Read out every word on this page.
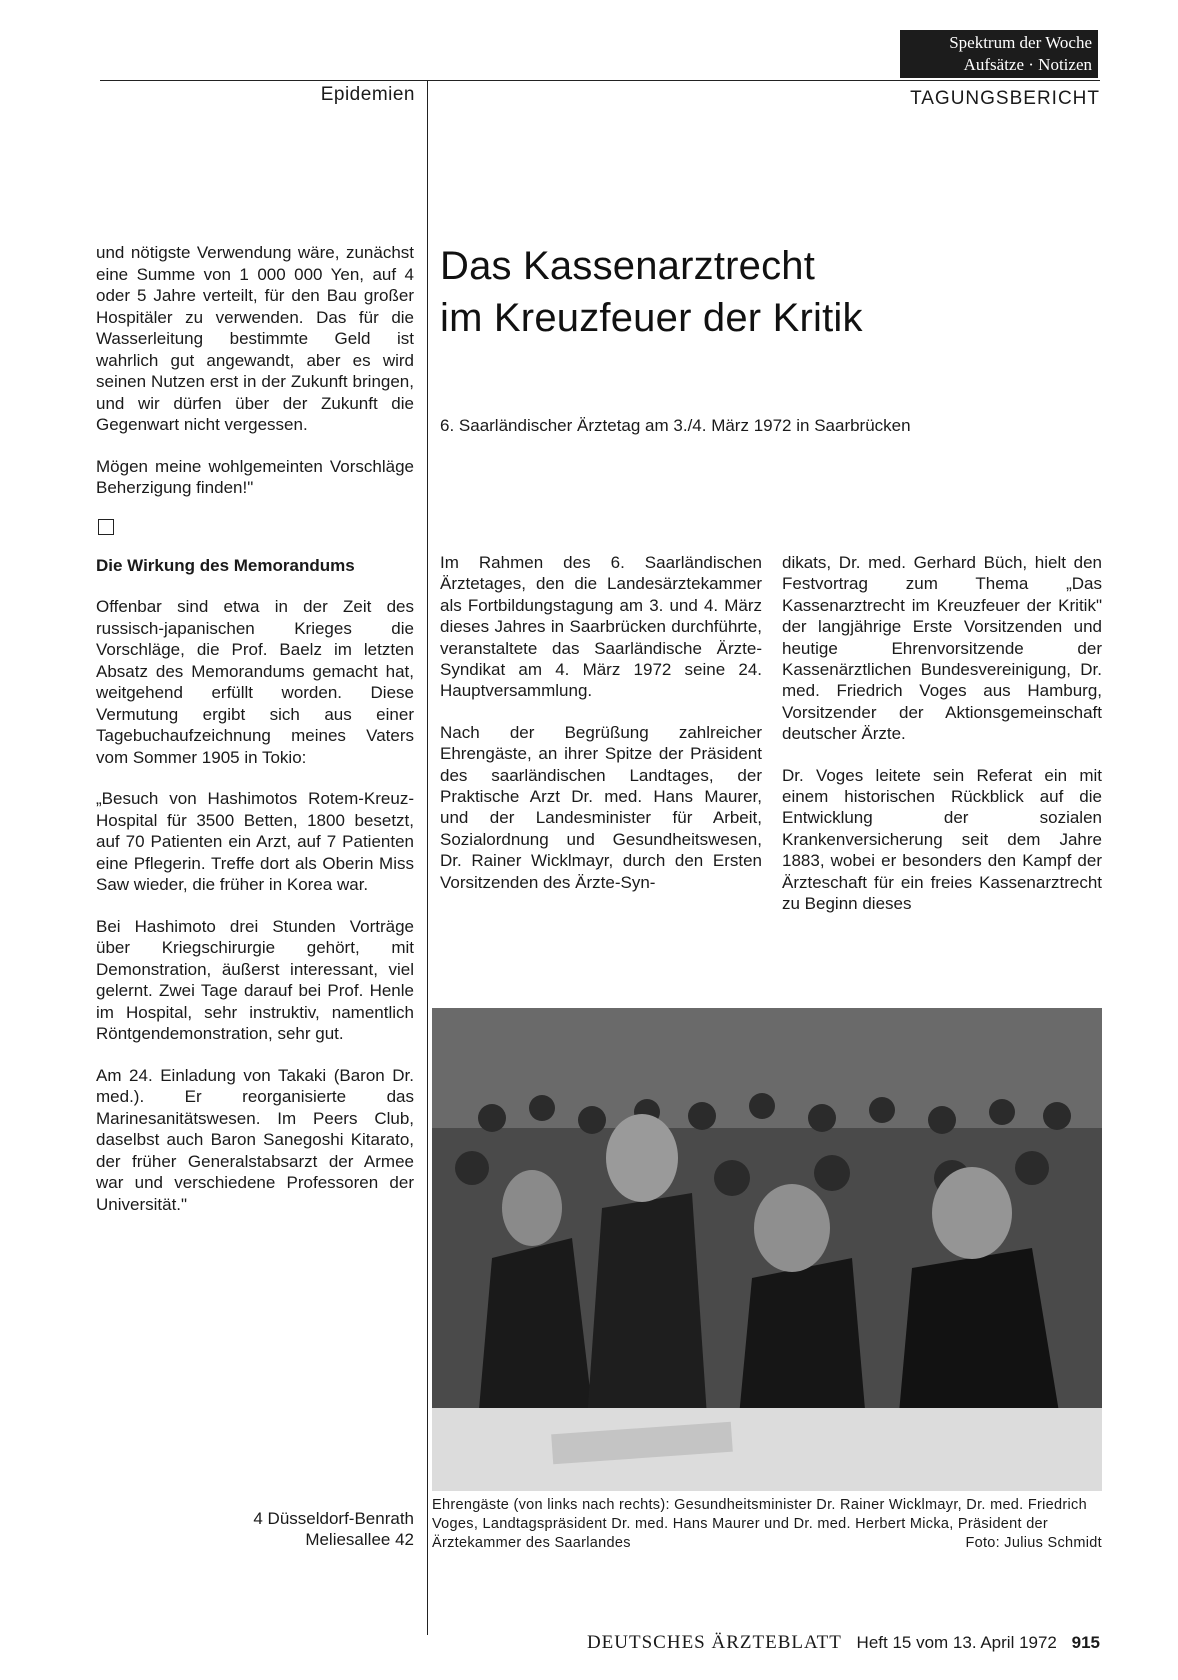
Spektrum der Woche
Aufsätze · Notizen
Epidemien	TAGUNGSBERICHT

und nötigste Verwendung wäre, zunächst eine Summe von 1 000 000 Yen, auf 4 oder 5 Jahre verteilt, für den Bau großer Hospitäler zu verwenden. Das für die Wasserleitung bestimmte Geld ist wahrlich gut angewandt, aber es wird seinen Nutzen erst in der Zukunft bringen, und wir dürfen über der Zukunft die Gegenwart nicht vergessen.

Mögen meine wohlgemeinten Vorschläge Beherzigung finden!"

Die Wirkung des Memorandums

Offenbar sind etwa in der Zeit des russisch-japanischen Krieges die Vorschläge, die Prof. Baelz im letzten Absatz des Memorandums gemacht hat, weitgehend erfüllt worden. Diese Vermutung ergibt sich aus einer Tagebuchaufzeichnung meines Vaters vom Sommer 1905 in Tokio:

„Besuch von Hashimotos Rotem-Kreuz-Hospital für 3500 Betten, 1800 besetzt, auf 70 Patienten ein Arzt, auf 7 Patienten eine Pflegerin. Treffe dort als Oberin Miss Saw wieder, die früher in Korea war.

Bei Hashimoto drei Stunden Vorträge über Kriegschirurgie gehört, mit Demonstration, äußerst interessant, viel gelernt. Zwei Tage darauf bei Prof. Henle im Hospital, sehr instruktiv, namentlich Röntgendemonstration, sehr gut.

Am 24. Einladung von Takaki (Baron Dr. med.). Er reorganisierte das Marinesanitätswesen. Im Peers Club, daselbst auch Baron Sanegoshi Kitarato, der früher Generalstabsarzt der Armee war und verschiedene Professoren der Universität."

4 Düsseldorf-Benrath
Meliesallee 42
Das Kassenarztrecht
im Kreuzfeuer der Kritik
6. Saarländischer Ärztetag am 3./4. März 1972 in Saarbrücken

Im Rahmen des 6. Saarländischen Ärztetages, den die Landesärztekammer als Fortbildungstagung am 3. und 4. März dieses Jahres in Saarbrücken durchführte, veranstaltete das Saarländische Ärzte-Syndikat am 4. März 1972 seine 24. Hauptversammlung.

Nach der Begrüßung zahlreicher Ehrengäste, an ihrer Spitze der Präsident des saarländischen Landtages, der Praktische Arzt Dr. med. Hans Maurer, und der Landesminister für Arbeit, Sozialordnung und Gesundheitswesen, Dr. Rainer Wicklmayr, durch den Ersten Vorsitzenden des Ärzte-Syn-

dikats, Dr. med. Gerhard Büch, hielt den Festvortrag zum Thema „Das Kassenarztrecht im Kreuzfeuer der Kritik" der langjährige Erste Vorsitzenden und heutige Ehrenvorsitzende der Kassenärztlichen Bundesvereinigung, Dr. med. Friedrich Voges aus Hamburg, Vorsitzender der Aktionsgemeinschaft deutscher Ärzte.

Dr. Voges leitete sein Referat ein mit einem historischen Rückblick auf die Entwicklung der sozialen Krankenversicherung seit dem Jahre 1883, wobei er besonders den Kampf der Ärzteschaft für ein freies Kassenarztrecht zu Beginn dieses

Ehrengäste (von links nach rechts): Gesundheitsminister Dr. Rainer Wicklmayr, Dr. med. Friedrich Voges, Landtagspräsident Dr. med. Hans Maurer und Dr. med. Herbert Micka, Präsident der Ärztekammer des Saarlandes	Foto: Julius Schmidt
DEUTSCHES ÄRZTEBLATT Heft 15 vom 13. April 1972 915
